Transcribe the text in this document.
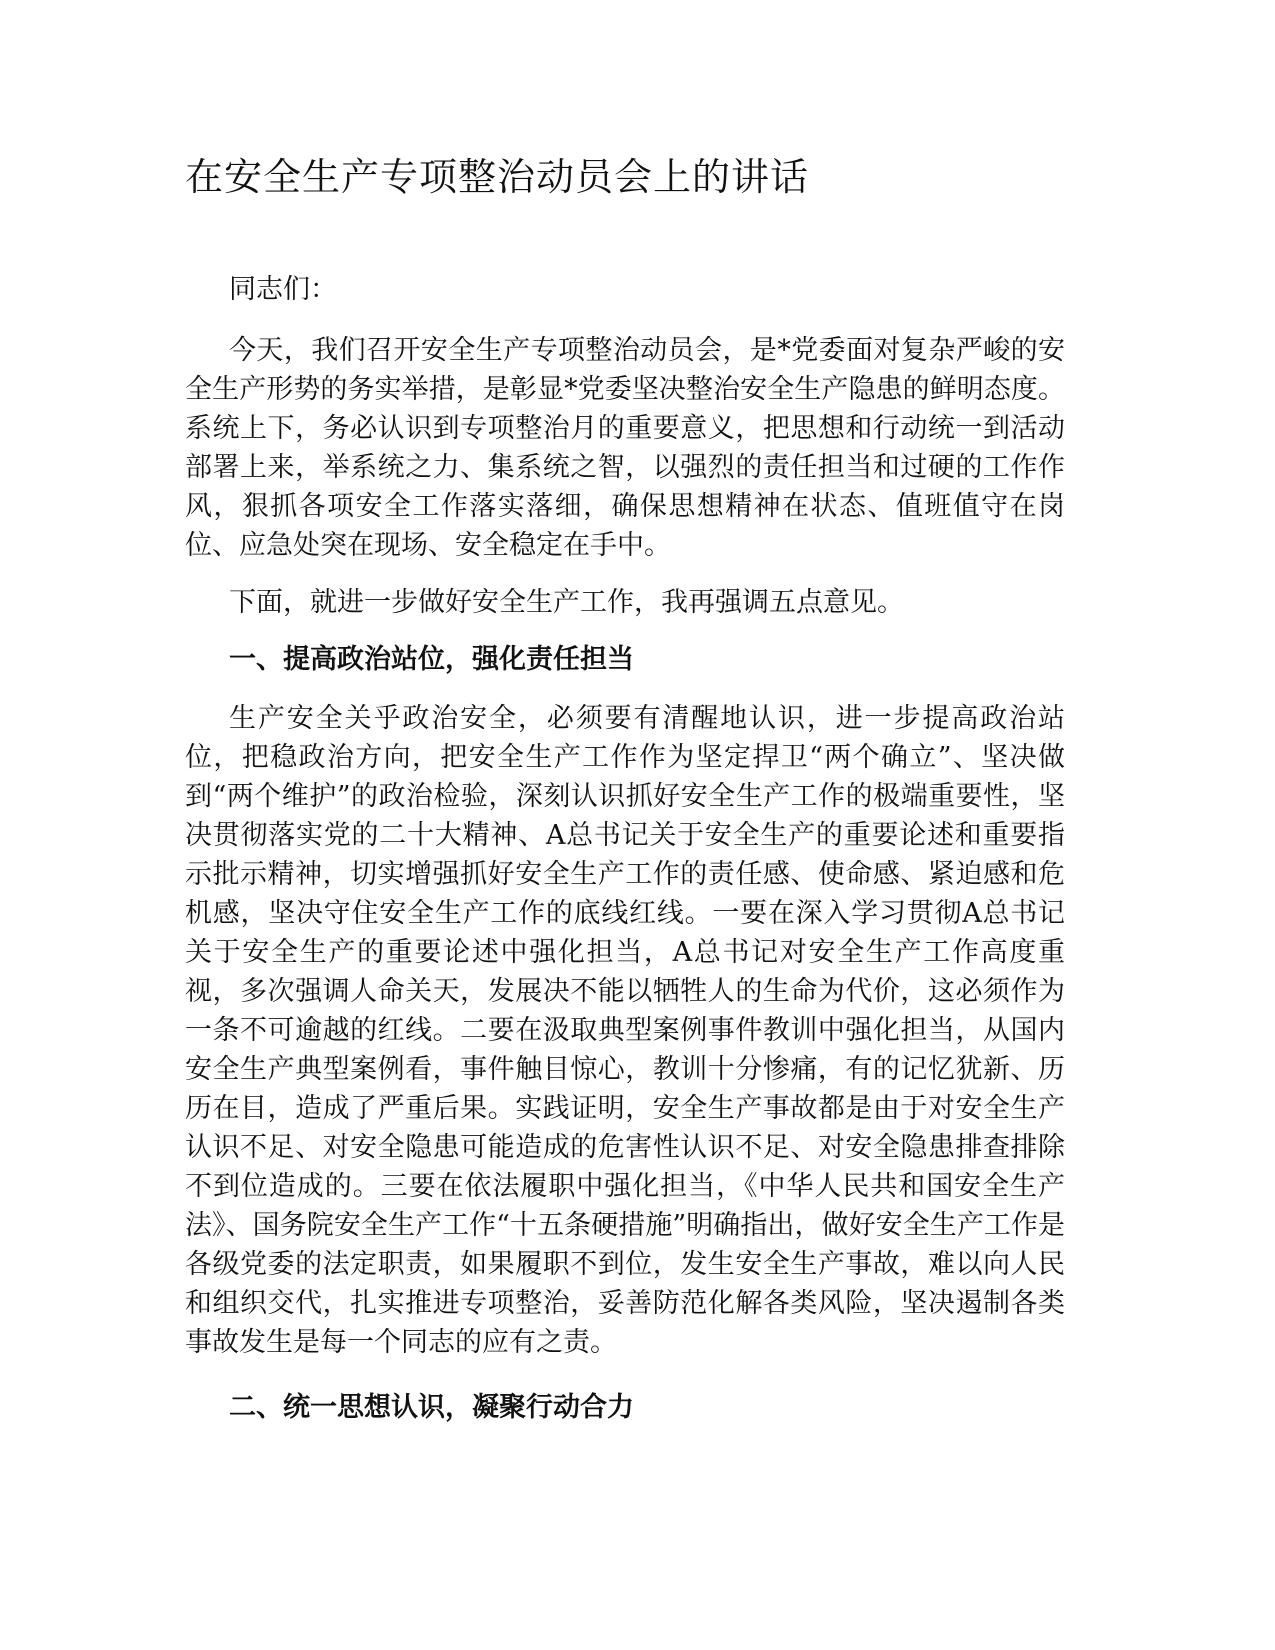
在安全生产专项整治动员会上的讲话

同志们：

今天，我们召开安全生产专项整治动员会，是*党委面对复杂严峻的安全生产形势的务实举措，是彰显*党委坚决整治安全生产隐患的鲜明态度。系统上下，务必认识到专项整治月的重要意义，把思想和行动统一到活动部署上来，举系统之力、集系统之智，以强烈的责任担当和过硬的工作作风，狠抓各项安全工作落实落细，确保思想精神在状态、值班值守在岗位、应急处突在现场、安全稳定在手中。

下面，就进一步做好安全生产工作，我再强调五点意见。

一、提高政治站位，强化责任担当

生产安全关乎政治安全，必须要有清醒地认识，进一步提高政治站位，把稳政治方向，把安全生产工作作为坚定捍卫“两个确立”、坚决做到“两个维护”的政治检验，深刻认识抓好安全生产工作的极端重要性，坚决贯彻落实党的二十大精神、A总书记关于安全生产的重要论述和重要指示批示精神，切实增强抓好安全生产工作的责任感、使命感、紧迫感和危机感，坚决守住安全生产工作的底线红线。一要在深入学习贯彻A总书记关于安全生产的重要论述中强化担当，A总书记对安全生产工作高度重视，多次强调人命关天，发展决不能以牺牲人的生命为代价，这必须作为一条不可逾越的红线。二要在汲取典型案例事件教训中强化担当，从国内安全生产典型案例看，事件触目惊心，教训十分惨痛，有的记忆犹新、历历在目，造成了严重后果。实践证明，安全生产事故都是由于对安全生产认识不足、对安全隐患可能造成的危害性认识不足、对安全隐患排查排除不到位造成的。三要在依法履职中强化担当，《中华人民共和国安全生产法》、国务院安全生产工作“十五条硬措施”明确指出，做好安全生产工作是各级党委的法定职责，如果履职不到位，发生安全生产事故，难以向人民和组织交代，扎实推进专项整治，妥善防范化解各类风险，坚决遏制各类事故发生是每一个同志的应有之责。

二、统一思想认识，凝聚行动合力
